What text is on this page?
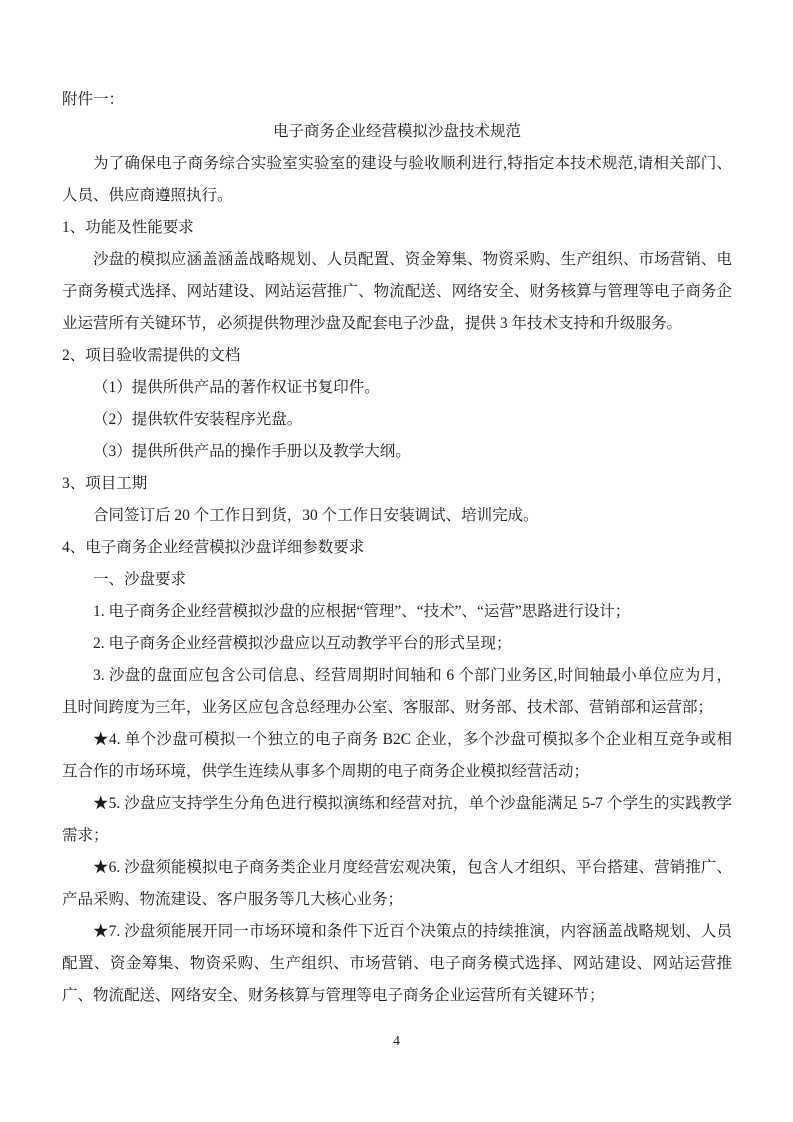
附件一：

电子商务企业经营模拟沙盘技术规范

为了确保电子商务综合实验室实验室的建设与验收顺利进行,特指定本技术规范,请相关部门、人员、供应商遵照执行。

1、功能及性能要求

沙盘的模拟应涵盖涵盖战略规划、人员配置、资金筹集、物资采购、生产组织、市场营销、电子商务模式选择、网站建设、网站运营推广、物流配送、网络安全、财务核算与管理等电子商务企业运营所有关键环节，必须提供物理沙盘及配套电子沙盘，提供 3 年技术支持和升级服务。

2、项目验收需提供的文档

（1）提供所供产品的著作权证书复印件。

（2）提供软件安装程序光盘。

（3）提供所供产品的操作手册以及教学大纲。

3、项目工期

合同签订后 20 个工作日到货，30 个工作日安装调试、培训完成。

4、电子商务企业经营模拟沙盘详细参数要求

一、沙盘要求

1. 电子商务企业经营模拟沙盘的应根据“管理”、“技术”、“运营”思路进行设计；

2. 电子商务企业经营模拟沙盘应以互动教学平台的形式呈现；

3. 沙盘的盘面应包含公司信息、经营周期时间轴和 6 个部门业务区,时间轴最小单位应为月，且时间跨度为三年，业务区应包含总经理办公室、客服部、财务部、技术部、营销部和运营部；

★4. 单个沙盘可模拟一个独立的电子商务 B2C 企业，多个沙盘可模拟多个企业相互竞争或相互合作的市场环境，供学生连续从事多个周期的电子商务企业模拟经营活动；

★5. 沙盘应支持学生分角色进行模拟演练和经营对抗，单个沙盘能满足 5-7 个学生的实践教学需求；

★6. 沙盘须能模拟电子商务类企业月度经营宏观决策，包含人才组织、平台搭建、营销推广、产品采购、物流建设、客户服务等几大核心业务；

★7. 沙盘须能展开同一市场环境和条件下近百个决策点的持续推演，内容涵盖战略规划、人员配置、资金筹集、物资采购、生产组织、市场营销、电子商务模式选择、网站建设、网站运营推广、物流配送、网络安全、财务核算与管理等电子商务企业运营所有关键环节；

4
